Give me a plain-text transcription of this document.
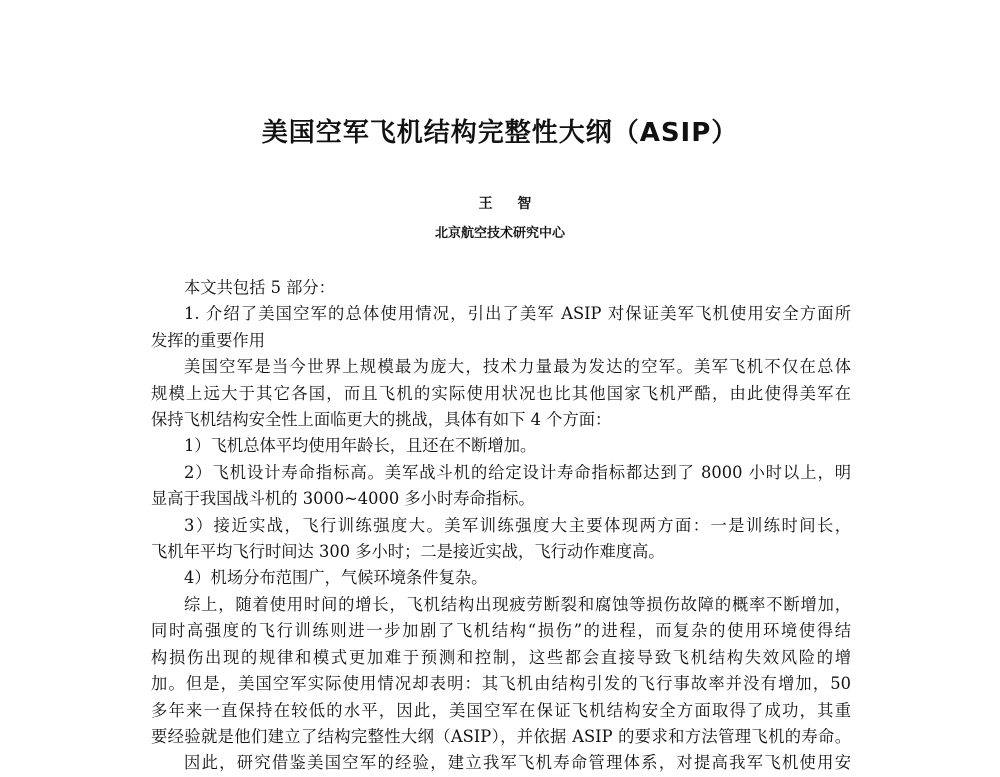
美国空军飞机结构完整性大纲（ASIP）
王 智
北京航空技术研究中心
本文共包括 5 部分：
1. 介绍了美国空军的总体使用情况，引出了美军 ASIP 对保证美军飞机使用安全方面所
发挥的重要作用
美国空军是当今世界上规模最为庞大，技术力量最为发达的空军。美军飞机不仅在总体
规模上远大于其它各国，而且飞机的实际使用状况也比其他国家飞机严酷，由此使得美军在
保持飞机结构安全性上面临更大的挑战，具体有如下 4 个方面：
1）飞机总体平均使用年龄长，且还在不断增加。
2）飞机设计寿命指标高。美军战斗机的给定设计寿命指标都达到了 8000 小时以上，明
显高于我国战斗机的 3000~4000 多小时寿命指标。
3）接近实战，飞行训练强度大。美军训练强度大主要体现两方面：一是训练时间长，
飞机年平均飞行时间达 300 多小时；二是接近实战，飞行动作难度高。
4）机场分布范围广，气候环境条件复杂。
综上，随着使用时间的增长，飞机结构出现疲劳断裂和腐蚀等损伤故障的概率不断增加，
同时高强度的飞行训练则进一步加剧了飞机结构“损伤”的进程，而复杂的使用环境使得结
构损伤出现的规律和模式更加难于预测和控制，这些都会直接导致飞机结构失效风险的增
加。但是，美国空军实际使用情况却表明：其飞机由结构引发的飞行事故率并没有增加，50
多年来一直保持在较低的水平，因此，美国空军在保证飞机结构安全方面取得了成功，其重
要经验就是他们建立了结构完整性大纲（ASIP），并依据 ASIP 的要求和方法管理飞机的寿命。
因此，研究借鉴美国空军的经验，建立我军飞机寿命管理体系，对提高我军飞机使用安
